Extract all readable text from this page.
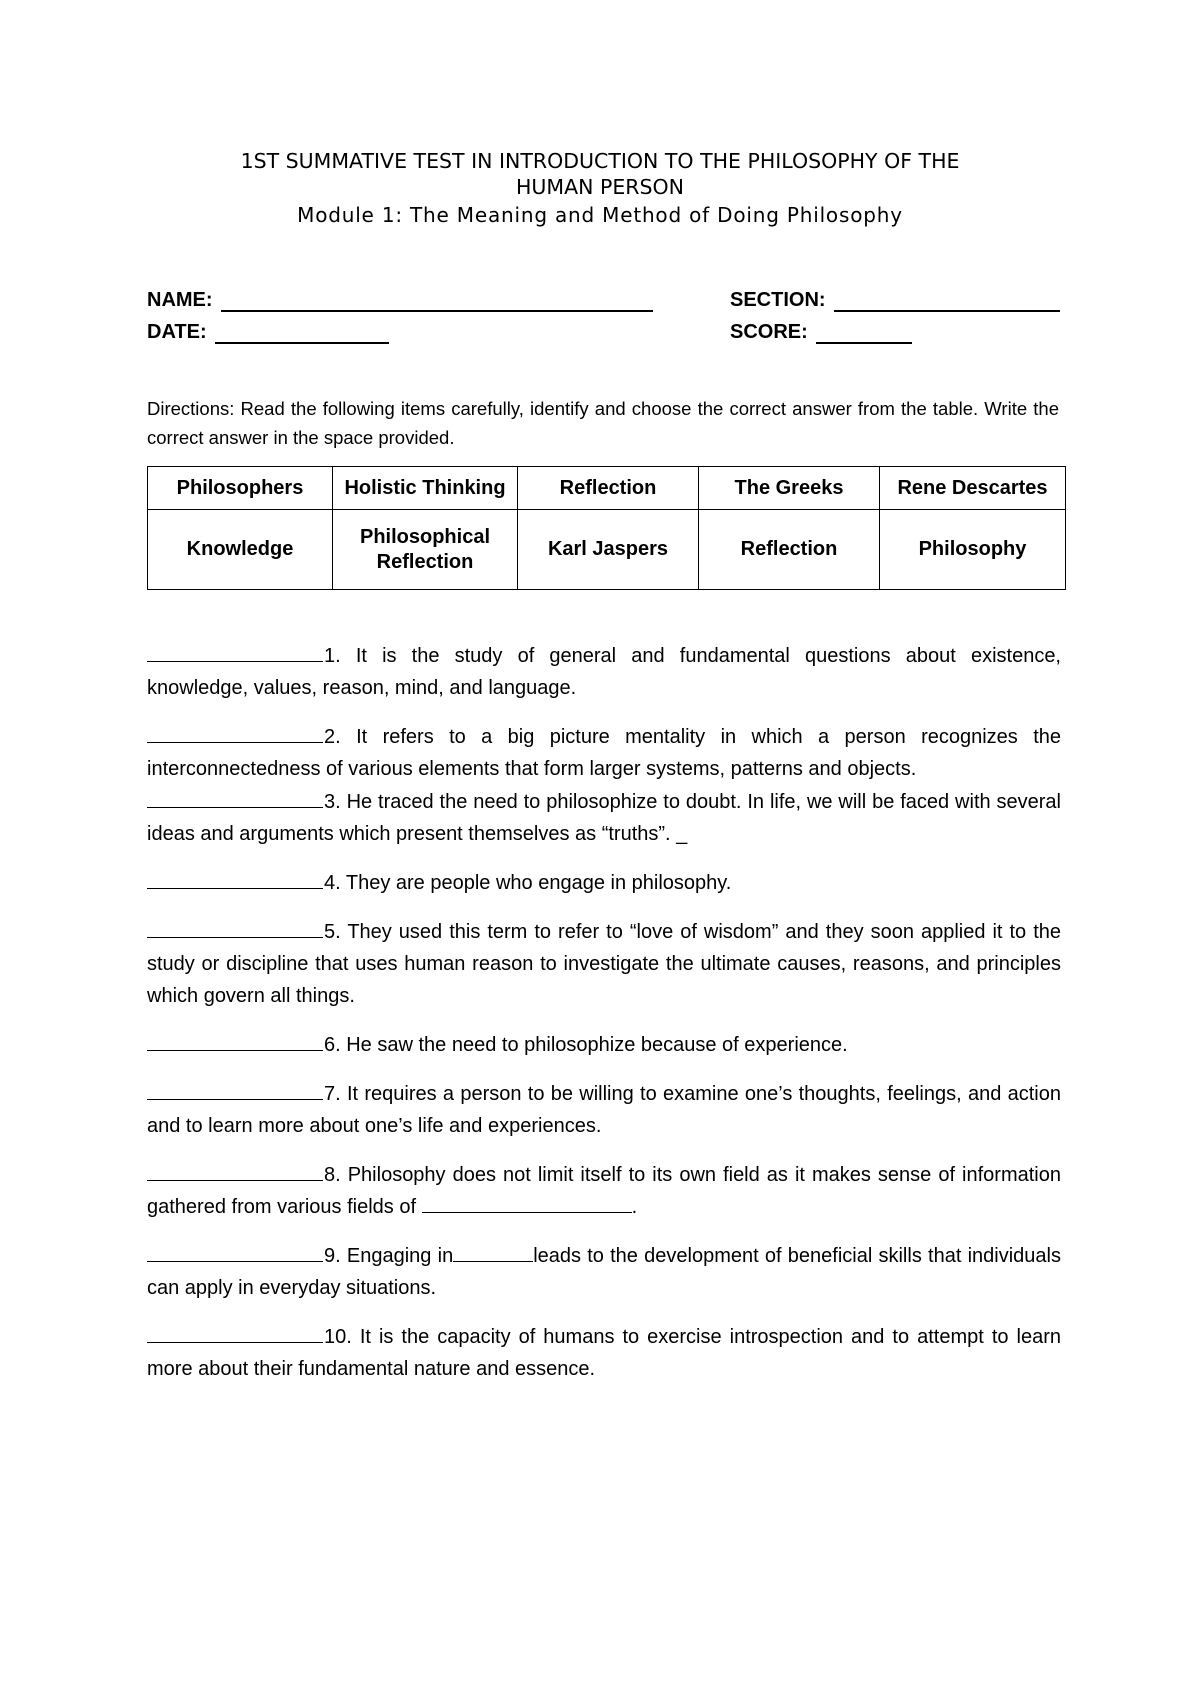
1ST SUMMATIVE TEST IN INTRODUCTION TO THE PHILOSOPHY OF THE
HUMAN PERSON
Module 1: The Meaning and Method of Doing Philosophy
NAME:	SECTION:
DATE:	SCORE:
Directions: Read the following items carefully, identify and choose the correct answer from the table. Write the correct answer in the space provided.
Philosophers	Holistic Thinking	Reflection	The Greeks	Rene Descartes
Knowledge	Philosophical Reflection	Karl Jaspers	Reflection	Philosophy

1. It is the study of general and fundamental questions about existence, knowledge, values, reason, mind, and language.

2. It refers to a big picture mentality in which a person recognizes the interconnectedness of various elements that form larger systems, patterns and objects.

3. He traced the need to philosophize to doubt. In life, we will be faced with several ideas and arguments which present themselves as “truths”. _

4. They are people who engage in philosophy.

5. They used this term to refer to “love of wisdom” and they soon applied it to the study or discipline that uses human reason to investigate the ultimate causes, reasons, and principles which govern all things.

6. He saw the need to philosophize because of experience.

7. It requires a person to be willing to examine one’s thoughts, feelings, and action and to learn more about one’s life and experiences.

8. Philosophy does not limit itself to its own field as it makes sense of information gathered from various fields of	.

9. Engaging in	leads to the development of beneficial skills that individuals can apply in everyday situations.

10. It is the capacity of humans to exercise introspection and to attempt to learn more about their fundamental nature and essence.
